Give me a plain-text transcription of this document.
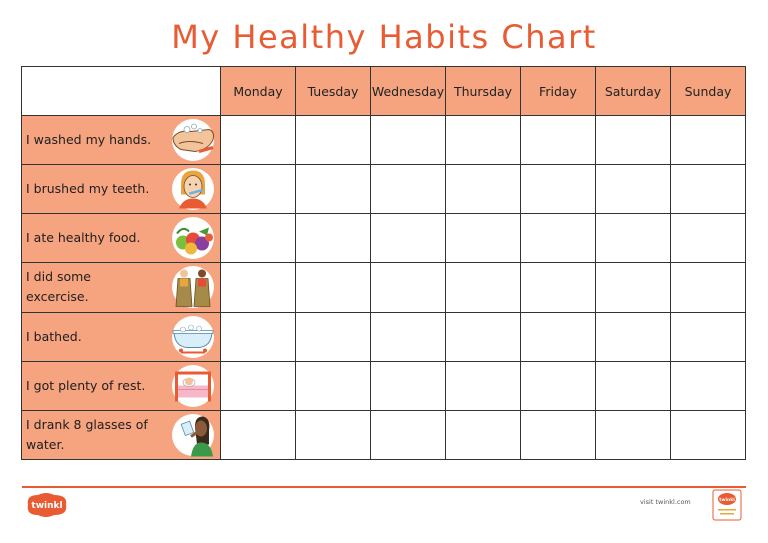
My Healthy Habits Chart
	Monday	Tuesday	Wednesday	Thursday	Friday	Saturday	Sunday

I washed my hands.							

I brushed my teeth.							

I ate healthy food.							

I did some excercise.							

I bathed.							

I got plenty of rest.							

I drank 8 glasses of water.							

twinkl	visit twinkl.com	twinkl
